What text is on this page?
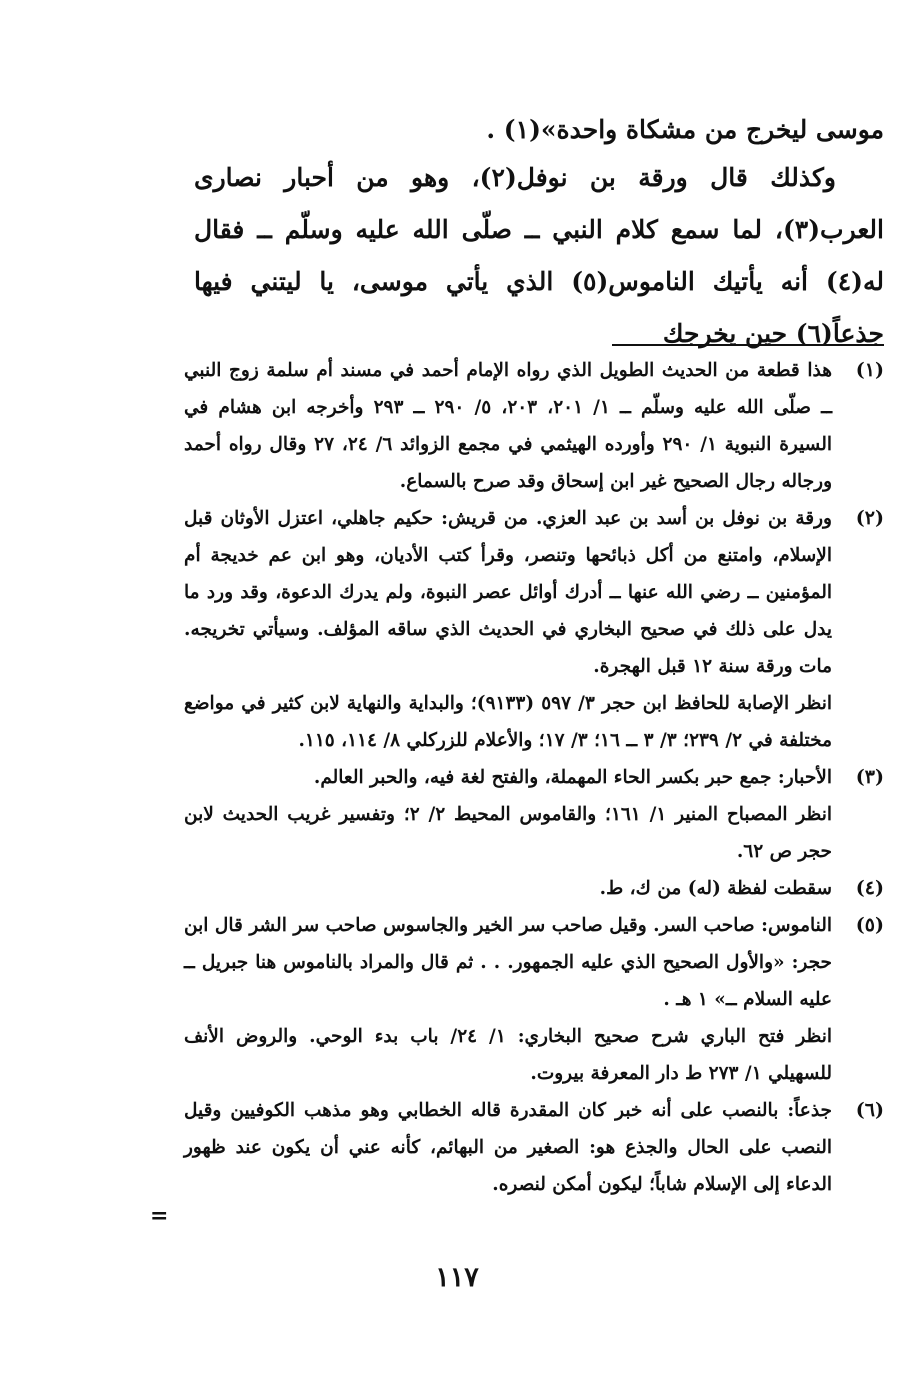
موسى ليخرج من مشكاة واحدة»(١) .

وكذلك قال ورقة بن نوفل(٢)، وهو من أحبار نصارى العرب(٣)، لما سمع كلام النبي ــ صلّى الله عليه وسلّم ــ فقال له(٤) أنه يأتيك الناموس(٥) الذي يأتي موسى، يا ليتني فيها جذعاً(٦) حين يخرجك

(١)
هذا قطعة من الحديث الطويل الذي رواه الإمام أحمد في مسند أم سلمة زوج النبي ــ صلّى الله عليه وسلّم ــ ١/ ٢٠١، ٢٠٣، ٥/ ٢٩٠ ــ ٢٩٣ وأخرجه ابن هشام في السيرة النبوية ١/ ٢٩٠ وأورده الهيثمي في مجمع الزوائد ٦/ ٢٤، ٢٧ وقال رواه أحمد ورجاله رجال الصحيح غير ابن إسحاق وقد صرح بالسماع.
(٢)
ورقة بن نوفل بن أسد بن عبد العزي. من قريش: حكيم جاهلي، اعتزل الأوثان قبل الإسلام، وامتنع من أكل ذبائحها وتنصر، وقرأ كتب الأديان، وهو ابن عم خديجة أم المؤمنين ــ رضي الله عنها ــ أدرك أوائل عصر النبوة، ولم يدرك الدعوة، وقد ورد ما يدل على ذلك في صحيح البخاري في الحديث الذي ساقه المؤلف. وسيأتي تخريجه. مات ورقة سنة ١٢ قبل الهجرة.
انظر الإصابة للحافظ ابن حجر ٣/ ٥٩٧ (٩١٣٣)؛ والبداية والنهاية لابن كثير في مواضع مختلفة في ٢/ ٢٣٩؛ ٣/ ٣ ــ ١٦؛ ٣/ ١٧؛ والأعلام للزركلي ٨/ ١١٤، ١١٥.
(٣)
الأحبار: جمع حبر بكسر الحاء المهملة، والفتح لغة فيه، والحبر العالم.
انظر المصباح المنير ١/ ١٦١؛ والقاموس المحيط ٢/ ٢؛ وتفسير غريب الحديث لابن حجر ص ٦٢.
(٤)
سقطت لفظة (له) من ك، ط.
(٥)
الناموس: صاحب السر. وقيل صاحب سر الخير والجاسوس صاحب سر الشر قال ابن حجر: «والأول الصحيح الذي عليه الجمهور. . . ثم قال والمراد بالناموس هنا جبريل ــ عليه السلام ــ» ١ هـ .
انظر فتح الباري شرح صحيح البخاري: ١/ ٢٤/ باب بدء الوحي. والروض الأنف للسهيلي ١/ ٢٧٣ ط دار المعرفة بيروت.
(٦)
جذعاً: بالنصب على أنه خبر كان المقدرة قاله الخطابي وهو مذهب الكوفيين وقيل النصب على الحال والجذع هو: الصغير من البهائم، كأنه عني أن يكون عند ظهور الدعاء إلى الإسلام شاباً؛ ليكون أمكن لنصره.
=
١١٧
